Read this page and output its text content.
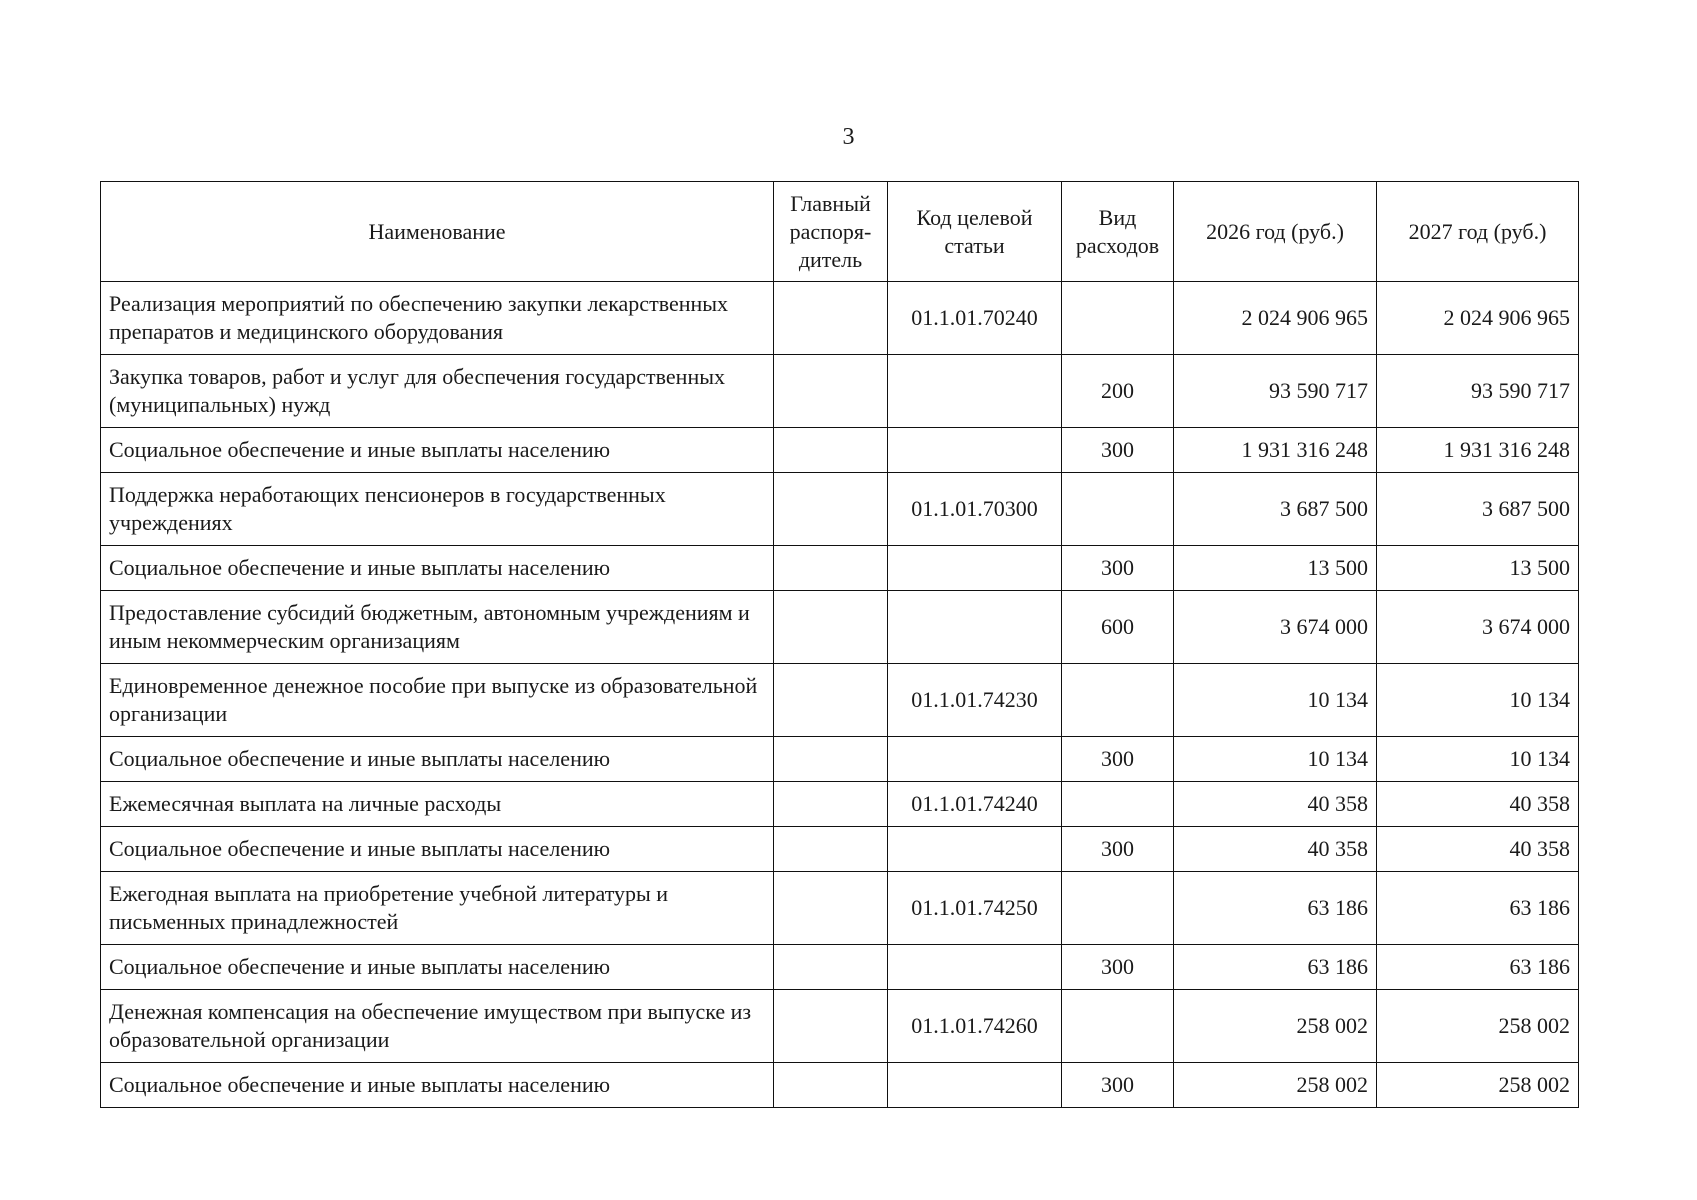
3
Наименование	Главный распоря-дитель	Код целевой статьи	Вид расходов	2026 год (руб.)	2027 год (руб.)
Реализация мероприятий по обеспечению закупки лекарственных препаратов и медицинского оборудования		01.1.01.70240		2 024 906 965	2 024 906 965
Закупка товаров, работ и услуг для обеспечения государственных (муниципальных) нужд			200	93 590 717	93 590 717
Социальное обеспечение и иные выплаты населению			300	1 931 316 248	1 931 316 248
Поддержка неработающих пенсионеров в государственных учреждениях		01.1.01.70300		3 687 500	3 687 500
Социальное обеспечение и иные выплаты населению			300	13 500	13 500
Предоставление субсидий бюджетным, автономным учреждениям и иным некоммерческим организациям			600	3 674 000	3 674 000
Единовременное денежное пособие при выпуске из образовательной организации		01.1.01.74230		10 134	10 134
Социальное обеспечение и иные выплаты населению			300	10 134	10 134
Ежемесячная выплата на личные расходы		01.1.01.74240		40 358	40 358
Социальное обеспечение и иные выплаты населению			300	40 358	40 358
Ежегодная выплата на приобретение учебной литературы и письменных принадлежностей		01.1.01.74250		63 186	63 186
Социальное обеспечение и иные выплаты населению			300	63 186	63 186
Денежная компенсация на обеспечение имуществом при выпуске из образовательной организации		01.1.01.74260		258 002	258 002
Социальное обеспечение и иные выплаты населению			300	258 002	258 002
